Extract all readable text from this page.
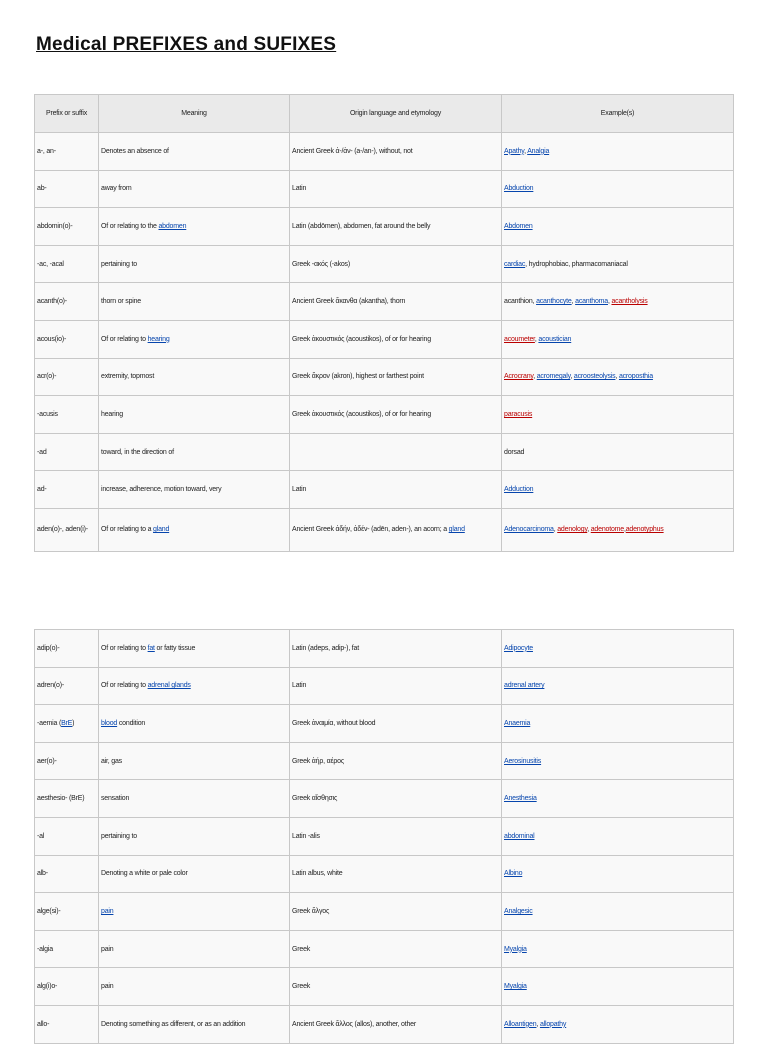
Medical PREFIXES and SUFIXES
Prefix or suffix	Meaning	Origin language and etymology	Example(s)
a-, an-	Denotes an absence of	Ancient Greek ἀ-/ἀν- (a-/an-), without, not	Apathy, Analgia
ab-	away from	Latin	Abduction
abdomin(o)-	Of or relating to the abdomen	Latin (abdōmen), abdomen, fat around the belly	Abdomen
-ac, -acal	pertaining to	Greek -ακός (-akos)	cardiac, hydrophobiac, pharmacomaniacal
acanth(o)-	thorn or spine	Ancient Greek ἄκανθα (akantha), thorn	acanthion, acanthocyte, acanthoma, acantholysis
acous(io)-	Of or relating to hearing	Greek ἀκουστικός (acoustikos), of or for hearing	acoumeter, acoustician
acr(o)-	extremity, topmost	Greek ἄκρον (akron), highest or farthest point	Acrocrany, acromegaly, acroosteolysis, acroposthia
-acusis	hearing	Greek ἀκουστικός (acoustikos), of or for hearing	paracusis
-ad	toward, in the direction of		dorsad
ad-	increase, adherence, motion toward, very	Latin	Adduction
aden(o)-, aden(i)-	Of or relating to a gland	Ancient Greek ἀδήν, ἀδέν- (adēn, aden-), an acorn; a gland	Adenocarcinoma, adenology, adenotome,adenotyphus
adip(o)-	Of or relating to fat or fatty tissue	Latin (adeps, adip-), fat	Adipocyte
adren(o)-	Of or relating to adrenal glands	Latin	adrenal artery
-aemia (BrE)	blood condition	Greek ἀναιμία, without blood	Anaemia
aer(o)-	air, gas	Greek ἀήρ, αέρος	Aerosinusitis
aesthesio- (BrE)	sensation	Greek αἴσθησις	Anesthesia
-al	pertaining to	Latin -alis	abdominal
alb-	Denoting a white or pale color	Latin albus, white	Albino
alge(si)-	pain	Greek ἄλγος	Analgesic
-algia	pain	Greek	Myalgia
alg(i)o-	pain	Greek	Myalgia
allo-	Denoting something as different, or as an addition	Ancient Greek ἄλλος (allos), another, other	Alloantigen, allopathy
